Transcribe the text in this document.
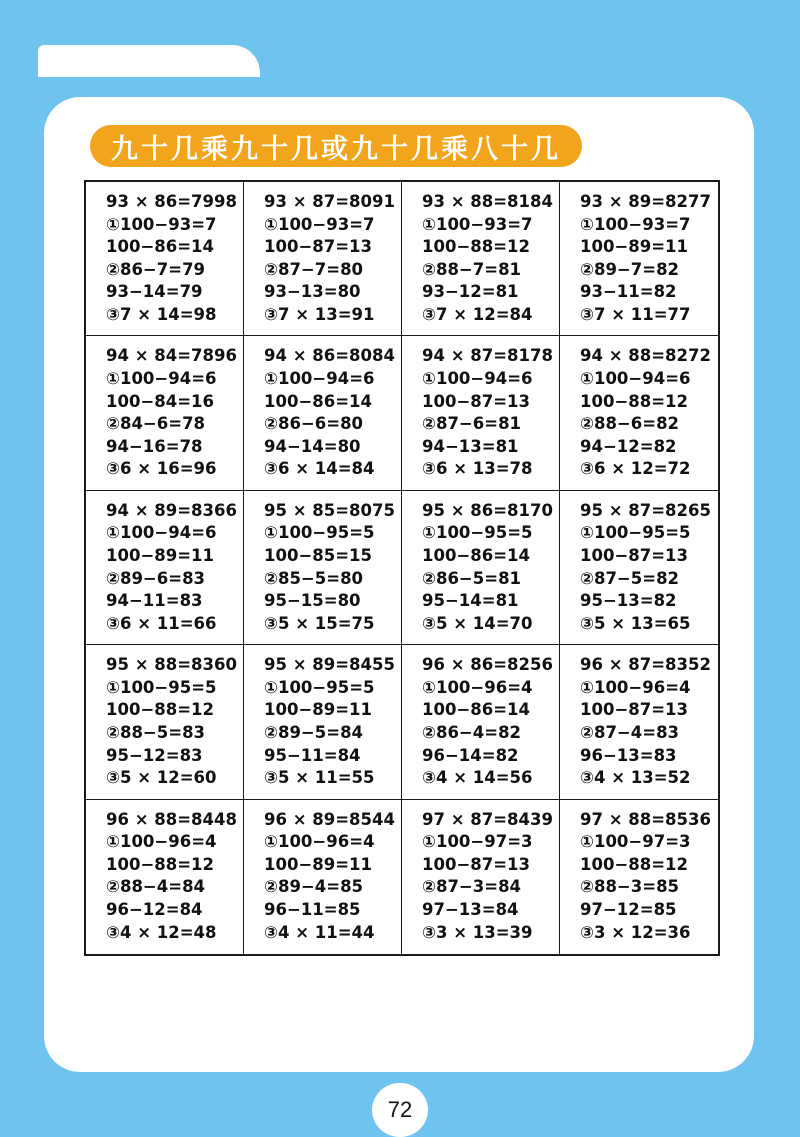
九十几乘九十几或九十几乘八十几
93 × 86=7998
①100−93=7
100−86=14
②86−7=79
93−14=79
③7 × 14=98
93 × 87=8091
①100−93=7
100−87=13
②87−7=80
93−13=80
③7 × 13=91
93 × 88=8184
①100−93=7
100−88=12
②88−7=81
93−12=81
③7 × 12=84
93 × 89=8277
①100−93=7
100−89=11
②89−7=82
93−11=82
③7 × 11=77
94 × 84=7896
①100−94=6
100−84=16
②84−6=78
94−16=78
③6 × 16=96
94 × 86=8084
①100−94=6
100−86=14
②86−6=80
94−14=80
③6 × 14=84
94 × 87=8178
①100−94=6
100−87=13
②87−6=81
94−13=81
③6 × 13=78
94 × 88=8272
①100−94=6
100−88=12
②88−6=82
94−12=82
③6 × 12=72
94 × 89=8366
①100−94=6
100−89=11
②89−6=83
94−11=83
③6 × 11=66
95 × 85=8075
①100−95=5
100−85=15
②85−5=80
95−15=80
③5 × 15=75
95 × 86=8170
①100−95=5
100−86=14
②86−5=81
95−14=81
③5 × 14=70
95 × 87=8265
①100−95=5
100−87=13
②87−5=82
95−13=82
③5 × 13=65
95 × 88=8360
①100−95=5
100−88=12
②88−5=83
95−12=83
③5 × 12=60
95 × 89=8455
①100−95=5
100−89=11
②89−5=84
95−11=84
③5 × 11=55
96 × 86=8256
①100−96=4
100−86=14
②86−4=82
96−14=82
③4 × 14=56
96 × 87=8352
①100−96=4
100−87=13
②87−4=83
96−13=83
③4 × 13=52
96 × 88=8448
①100−96=4
100−88=12
②88−4=84
96−12=84
③4 × 12=48
96 × 89=8544
①100−96=4
100−89=11
②89−4=85
96−11=85
③4 × 11=44
97 × 87=8439
①100−97=3
100−87=13
②87−3=84
97−13=84
③3 × 13=39
97 × 88=8536
①100−97=3
100−88=12
②88−3=85
97−12=85
③3 × 12=36
72
